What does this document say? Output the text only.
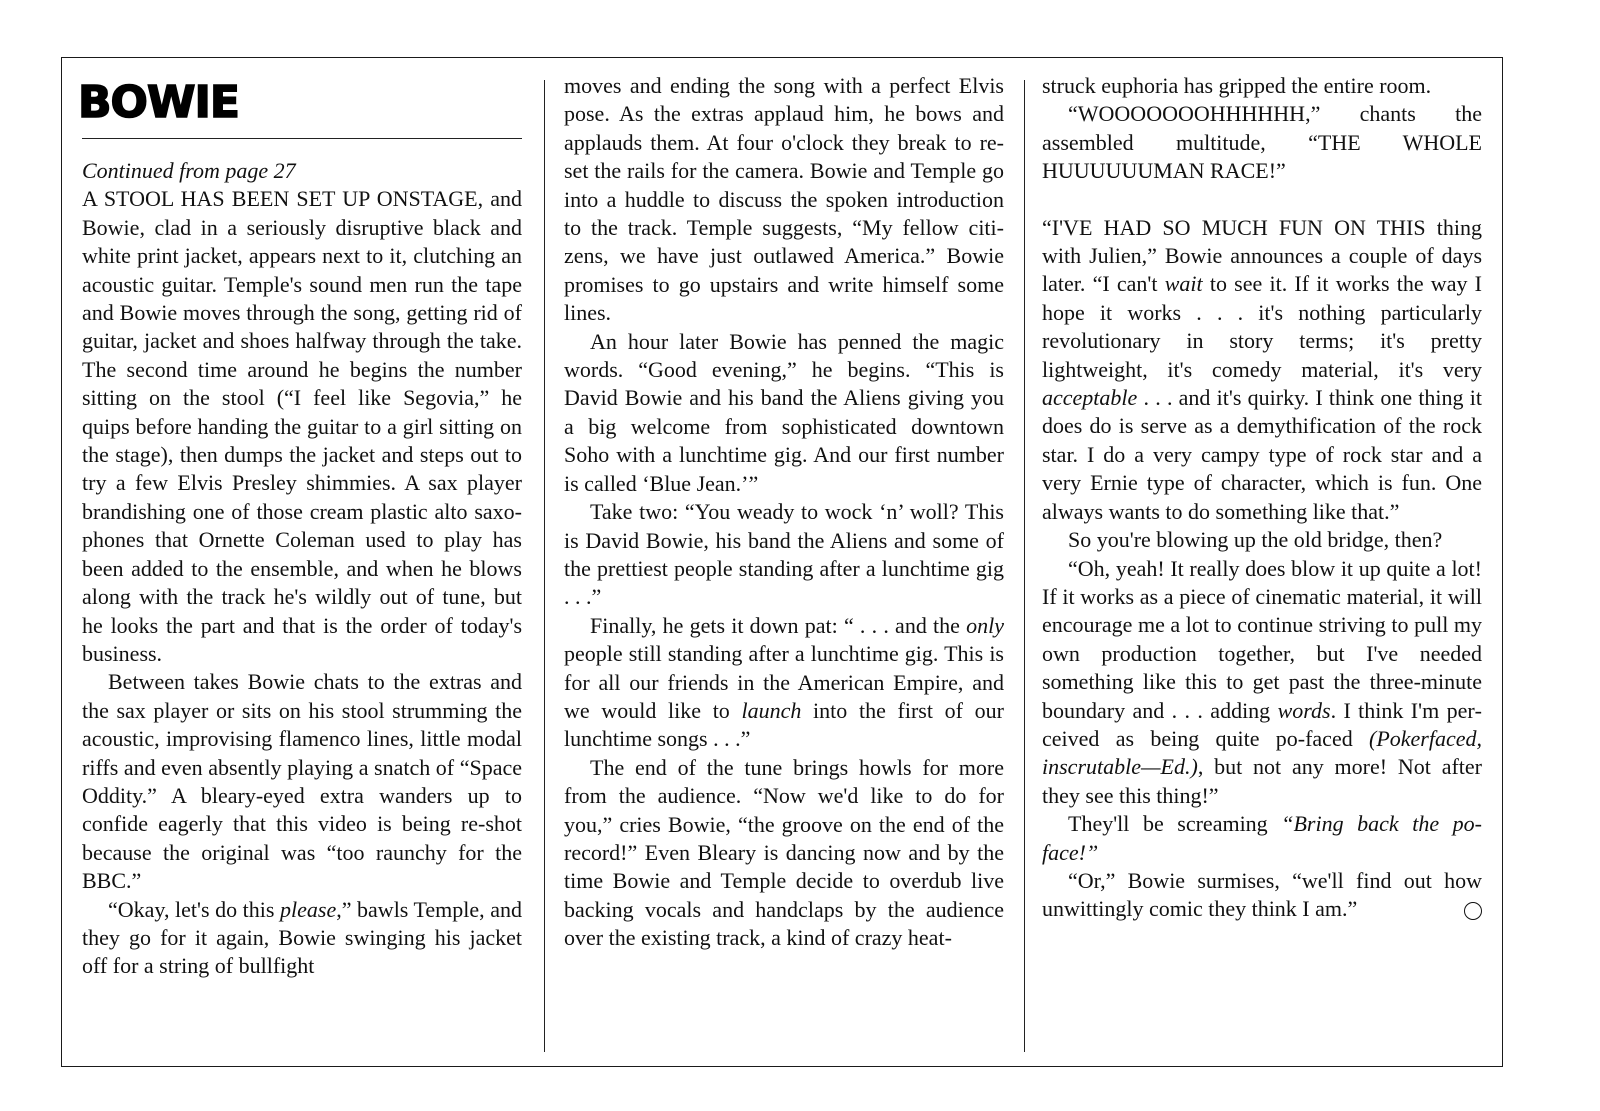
BOWIE

Continued from page 27

A STOOL HAS BEEN SET UP ONSTAGE, and Bowie, clad in a seriously disruptive black and white print jacket, appears next to it, clutching an acoustic guitar. Temple's sound men run the tape and Bowie moves through the song, getting rid of guitar, jacket and shoes halfway through the take. The second time around he begins the number sitting on the stool (“I feel like Segovia,” he quips before handing the guitar to a girl sitting on the stage), then dumps the jacket and steps out to try a few Elvis Presley shimmies. A sax player brandishing one of those cream plastic alto saxophones that Ornette Coleman used to play has been added to the ensemble, and when he blows along with the track he's wildly out of tune, but he looks the part and that is the order of today's business.

Between takes Bowie chats to the extras and the sax player or sits on his stool strumming the acoustic, improvising flamenco lines, little modal riffs and even absently playing a snatch of “Space Oddity.” A bleary-eyed extra wanders up to confide eagerly that this video is being re-shot because the original was “too raunchy for the BBC.”

“Okay, let's do this please,” bawls Temple, and they go for it again, Bowie swinging his jacket off for a string of bullfight

moves and ending the song with a perfect Elvis pose. As the extras applaud him, he bows and applauds them. At four o'clock they break to re-set the rails for the camera. Bowie and Temple go into a huddle to discuss the spoken introduction to the track. Temple suggests, “My fellow citizens, we have just outlawed America.” Bowie promises to go upstairs and write himself some lines.

An hour later Bowie has penned the magic words. “Good evening,” he begins. “This is David Bowie and his band the Aliens giving you a big welcome from sophisticated downtown Soho with a lunchtime gig. And our first number is called ‘Blue Jean.’”

Take two: “You weady to wock ‘n’ woll? This is David Bowie, his band the Aliens and some of the prettiest people standing after a lunchtime gig . . .”

Finally, he gets it down pat: “ . . . and the only people still standing after a lunchtime gig. This is for all our friends in the American Empire, and we would like to launch into the first of our lunchtime songs . . .”

The end of the tune brings howls for more from the audience. “Now we'd like to do for you,” cries Bowie, “the groove on the end of the record!” Even Bleary is dancing now and by the time Bowie and Temple decide to overdub live backing vocals and handclaps by the audience over the existing track, a kind of crazy heat-

struck euphoria has gripped the entire room.

“WOOOOOOOHHHHHH,” chants the assembled multitude, “THE WHOLE HUUUUUUMAN RACE!”

“I'VE HAD SO MUCH FUN ON THIS thing with Julien,” Bowie announces a couple of days later. “I can't wait to see it. If it works the way I hope it works . . . it's nothing particularly revolutionary in story terms; it's pretty lightweight, it's comedy material, it's very acceptable . . . and it's quirky. I think one thing it does do is serve as a demythification of the rock star. I do a very campy type of rock star and a very Ernie type of character, which is fun. One always wants to do something like that.”

So you're blowing up the old bridge, then?

“Oh, yeah! It really does blow it up quite a lot! If it works as a piece of cinematic material, it will encourage me a lot to continue striving to pull my own production together, but I've needed something like this to get past the three-minute boundary and . . . adding words. I think I'm perceived as being quite po-faced (Pokerfaced, inscrutable—Ed.), but not any more! Not after they see this thing!”

They'll be screaming “Bring back the po-face!”

“Or,” Bowie surmises, “we'll find out how unwittingly comic they think I am.”
